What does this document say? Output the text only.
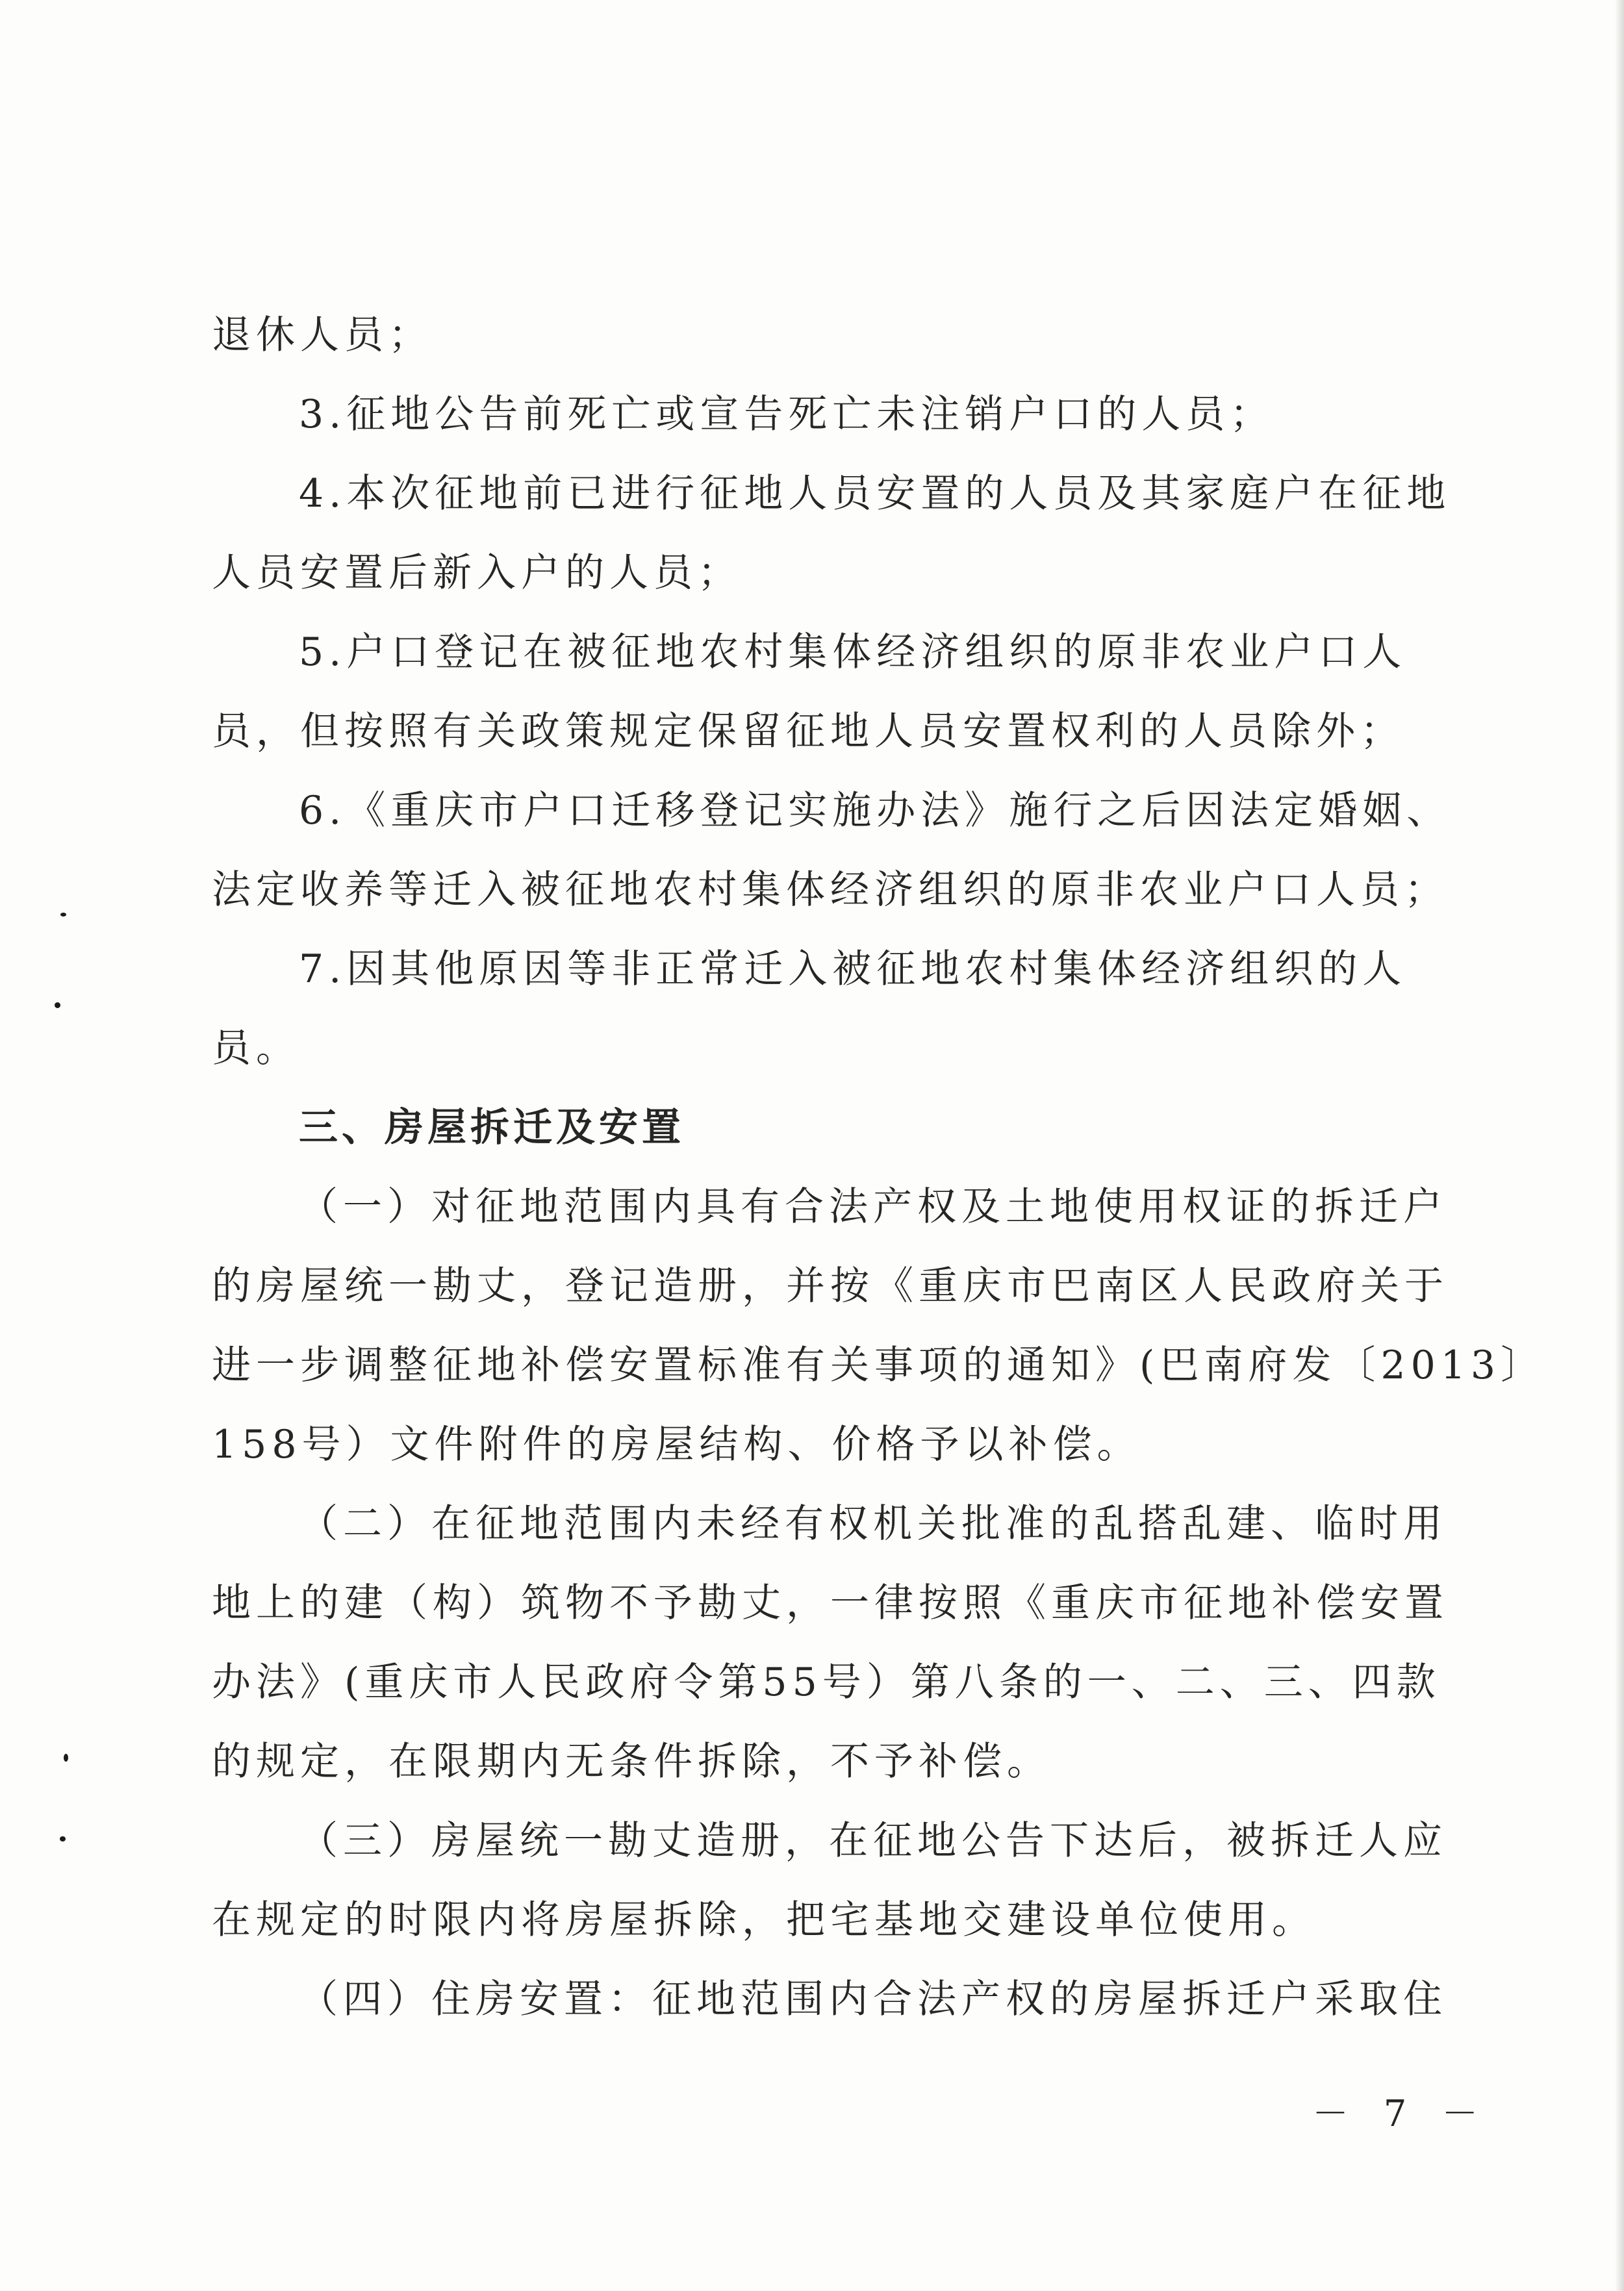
退休人员；
3.征地公告前死亡或宣告死亡未注销户口的人员；
4.本次征地前已进行征地人员安置的人员及其家庭户在征地
人员安置后新入户的人员；
5.户口登记在被征地农村集体经济组织的原非农业户口人
员，但按照有关政策规定保留征地人员安置权利的人员除外；
6.《重庆市户口迁移登记实施办法》施行之后因法定婚姻、
法定收养等迁入被征地农村集体经济组织的原非农业户口人员；
7.因其他原因等非正常迁入被征地农村集体经济组织的人
员。
三、房屋拆迁及安置
（一）对征地范围内具有合法产权及土地使用权证的拆迁户
的房屋统一勘丈，登记造册，并按《重庆市巴南区人民政府关于
进一步调整征地补偿安置标准有关事项的通知》(巴南府发〔2013〕
158号）文件附件的房屋结构、价格予以补偿。
（二）在征地范围内未经有权机关批准的乱搭乱建、临时用
地上的建（构）筑物不予勘丈，一律按照《重庆市征地补偿安置
办法》(重庆市人民政府令第55号）第八条的一、二、三、四款
的规定，在限期内无条件拆除，不予补偿。
（三）房屋统一勘丈造册，在征地公告下达后，被拆迁人应
在规定的时限内将房屋拆除，把宅基地交建设单位使用。
（四）住房安置：征地范围内合法产权的房屋拆迁户采取住
－ 7 －
